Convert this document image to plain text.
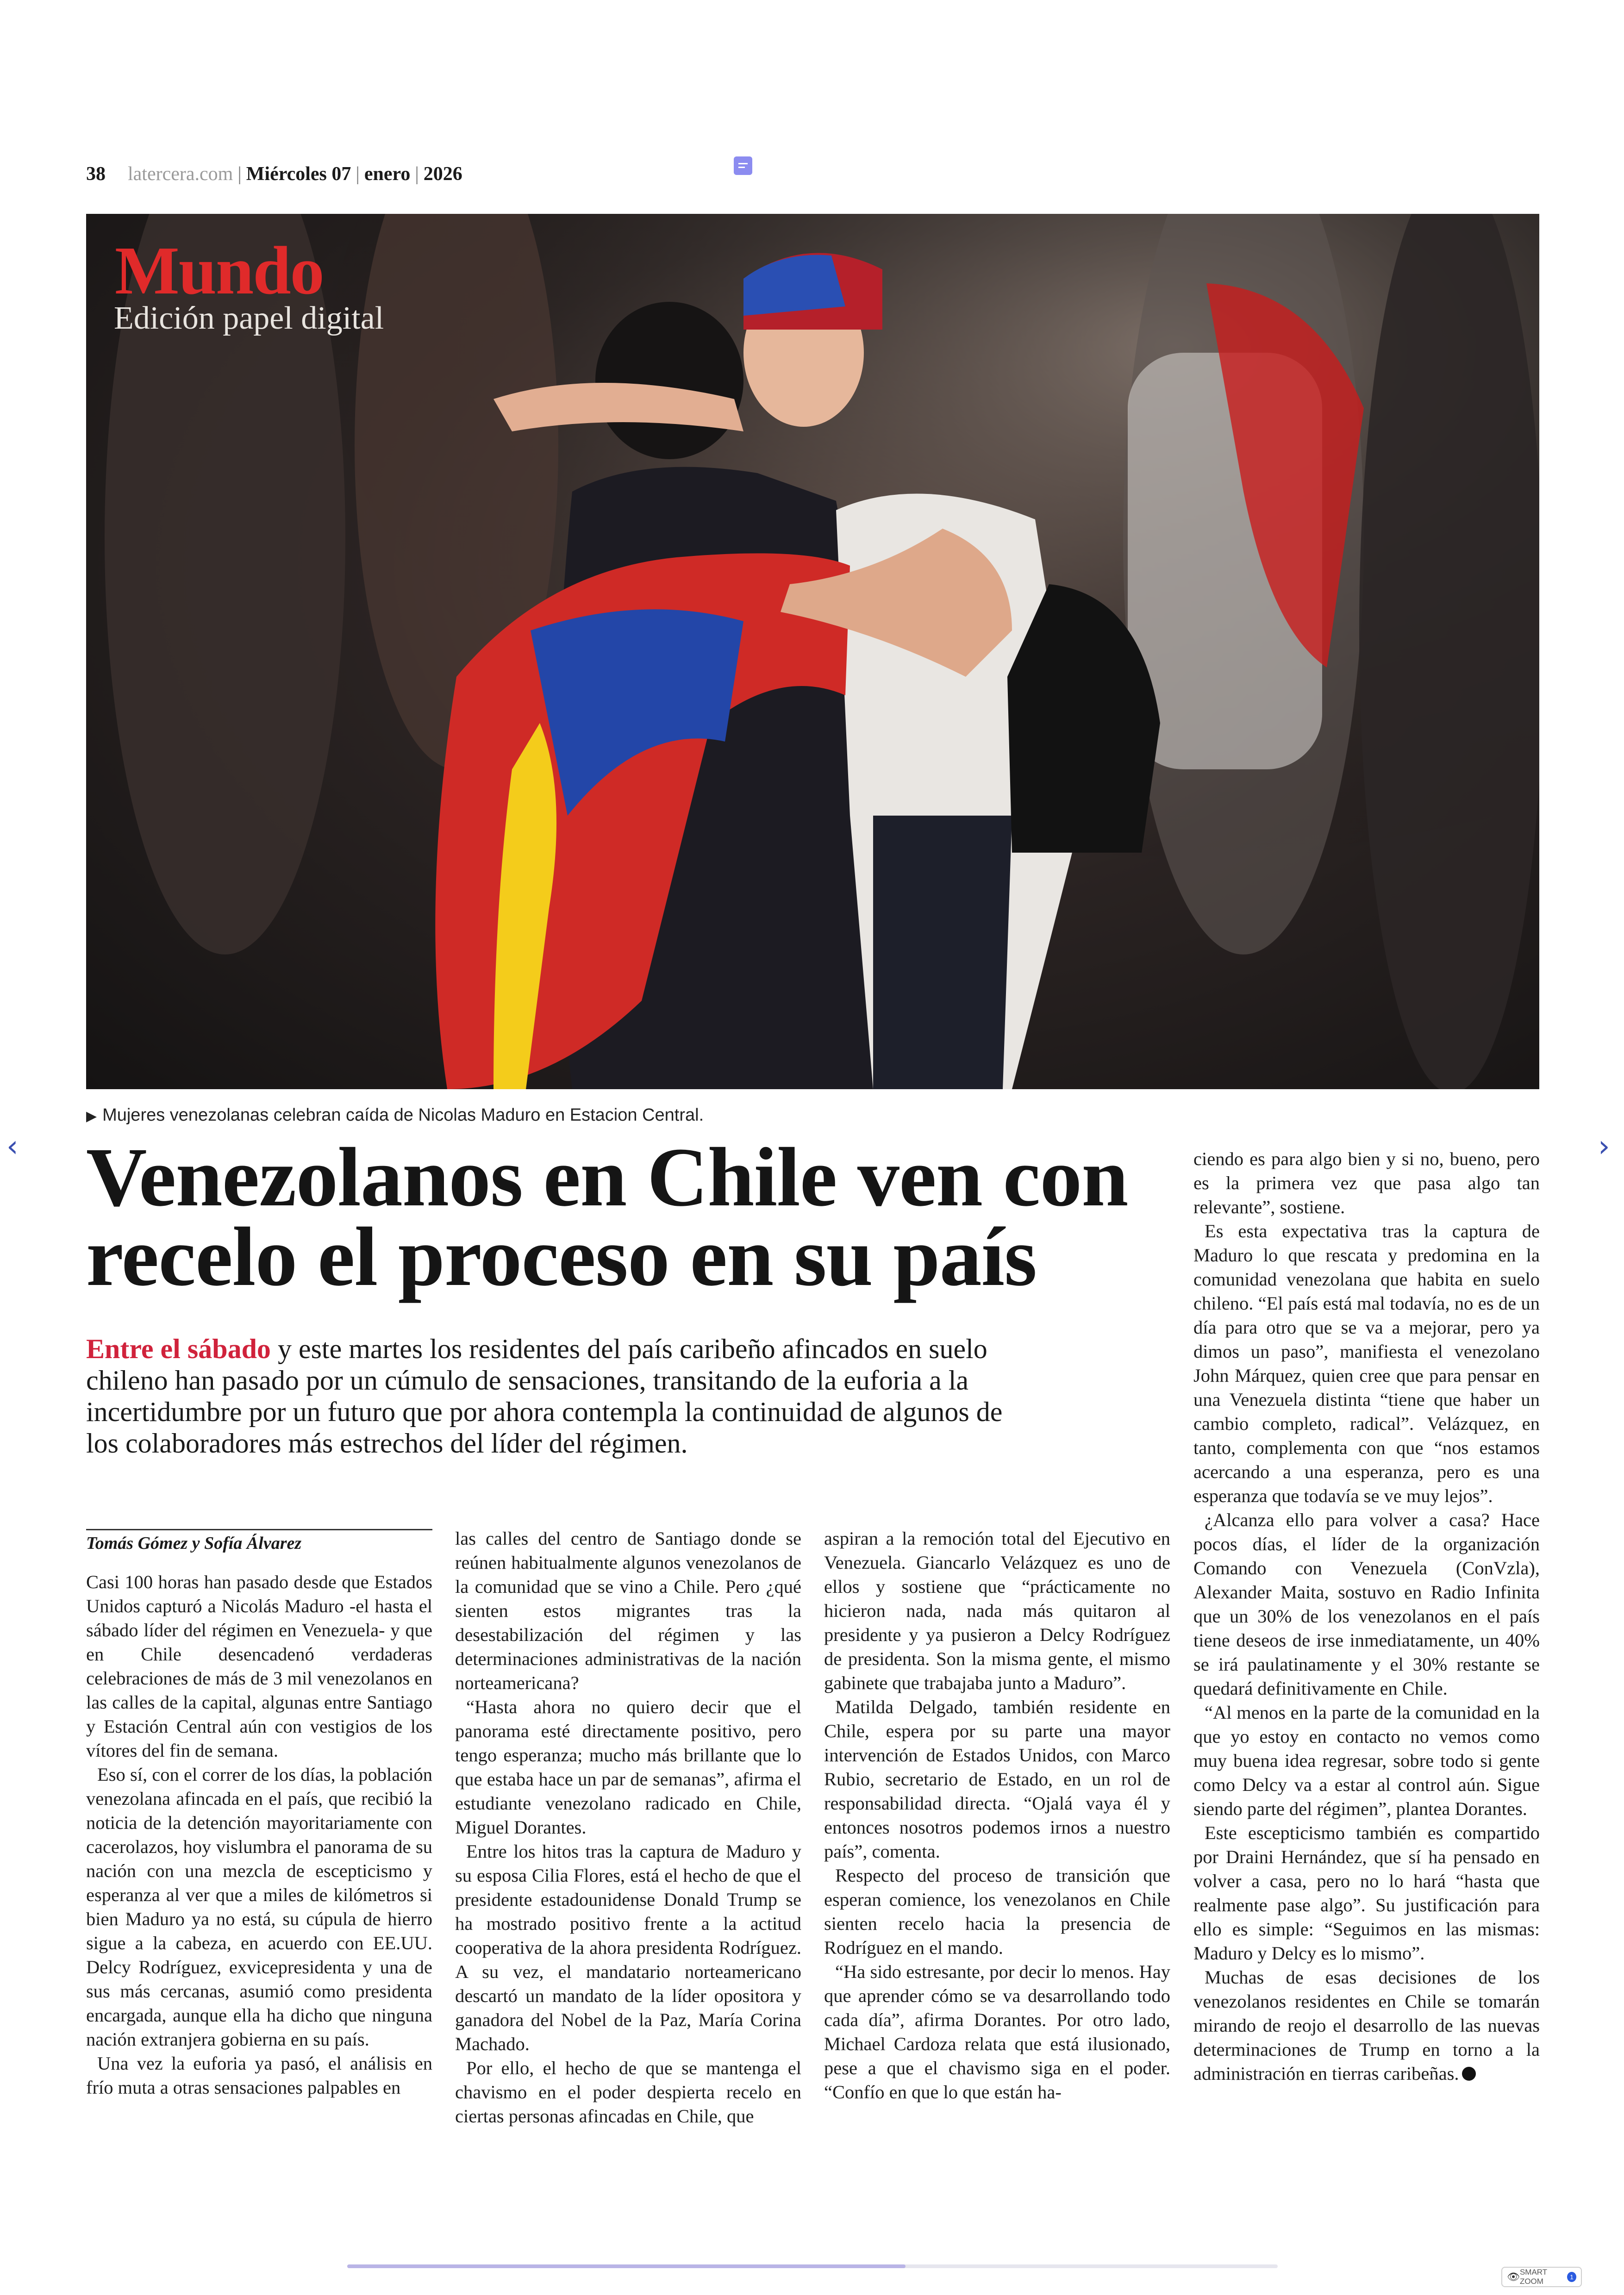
38 latercera.com | Miércoles 07 | enero | 2026
Mundo
Edición papel digital
▶ Mujeres venezolanas celebran caída de Nicolas Maduro en Estacion Central.
Venezolanos en Chile ven con recelo el proceso en su país
Entre el sábado y este martes los residentes del país caribeño afincados en suelo chileno han pasado por un cúmulo de sensaciones, transitando de la euforia a la incertidumbre por un futuro que por ahora contempla la continuidad de algunos de los colaboradores más estrechos del líder del régimen.
Tomás Gómez y Sofía Álvarez

Casi 100 horas han pasado desde que Estados Unidos capturó a Nicolás Maduro -el hasta el sábado líder del régimen en Venezuela- y que en Chile desencadenó verdaderas celebraciones de más de 3 mil venezolanos en las calles de la capital, algunas entre Santiago y Estación Central aún con vestigios de los vítores del fin de semana.

Eso sí, con el correr de los días, la población venezolana afincada en el país, que recibió la noticia de la detención mayoritariamente con cacerolazos, hoy vislumbra el panorama de su nación con una mezcla de escepticismo y esperanza al ver que a miles de kilómetros si bien Maduro ya no está, su cúpula de hierro sigue a la cabeza, en acuerdo con EE.UU. Delcy Rodríguez, exvicepresidenta y una de sus más cercanas, asumió como presidenta encargada, aunque ella ha dicho que ninguna nación extranjera gobierna en su país.

Una vez la euforia ya pasó, el análisis en frío muta a otras sensaciones palpables en

las calles del centro de Santiago donde se reúnen habitualmente algunos venezolanos de la comunidad que se vino a Chile. Pero ¿qué sienten estos migrantes tras la desestabilización del régimen y las determinaciones administrativas de la nación norteamericana?

“Hasta ahora no quiero decir que el panorama esté directamente positivo, pero tengo esperanza; mucho más brillante que lo que estaba hace un par de semanas”, afirma el estudiante venezolano radicado en Chile, Miguel Dorantes.

Entre los hitos tras la captura de Maduro y su esposa Cilia Flores, está el hecho de que el presidente estadounidense Donald Trump se ha mostrado positivo frente a la actitud cooperativa de la ahora presidenta Rodríguez. A su vez, el mandatario norteamericano descartó un mandato de la líder opositora y ganadora del Nobel de la Paz, María Corina Machado.

Por ello, el hecho de que se mantenga el chavismo en el poder despierta recelo en ciertas personas afincadas en Chile, que

aspiran a la remoción total del Ejecutivo en Venezuela. Giancarlo Velázquez es uno de ellos y sostiene que “prácticamente no hicieron nada, nada más quitaron al presidente y ya pusieron a Delcy Rodríguez de presidenta. Son la misma gente, el mismo gabinete que trabajaba junto a Maduro”.

Matilda Delgado, también residente en Chile, espera por su parte una mayor intervención de Estados Unidos, con Marco Rubio, secretario de Estado, en un rol de responsabilidad directa. “Ojalá vaya él y entonces nosotros podemos irnos a nuestro país”, comenta.

Respecto del proceso de transición que esperan comience, los venezolanos en Chile sienten recelo hacia la presencia de Rodríguez en el mando.

“Ha sido estresante, por decir lo menos. Hay que aprender cómo se va desarrollando todo cada día”, afirma Dorantes. Por otro lado, Michael Cardoza relata que está ilusionado, pese a que el chavismo siga en el poder. “Confío en que lo que están ha-

ciendo es para algo bien y si no, bueno, pero es la primera vez que pasa algo tan relevante”, sostiene.

Es esta expectativa tras la captura de Maduro lo que rescata y predomina en la comunidad venezolana que habita en suelo chileno. “El país está mal todavía, no es de un día para otro que se va a mejorar, pero ya dimos un paso”, manifiesta el venezolano John Márquez, quien cree que para pensar en una Venezuela distinta “tiene que haber un cambio completo, radical”. Velázquez, en tanto, complementa con que “nos estamos acercando a una esperanza, pero es una esperanza que todavía se ve muy lejos”.

¿Alcanza ello para volver a casa? Hace pocos días, el líder de la organización Comando con Venezuela (ConVzla), Alexander Maita, sostuvo en Radio Infinita que un 30% de los venezolanos en el país tiene deseos de irse inmediatamente, un 40% se irá paulatinamente y el 30% restante se quedará definitivamente en Chile.

“Al menos en la parte de la comunidad en la que yo estoy en contacto no vemos como muy buena idea regresar, sobre todo si gente como Delcy va a estar al control aún. Sigue siendo parte del régimen”, plantea Dorantes.

Este escepticismo también es compartido por Draini Hernández, que sí ha pensado en volver a casa, pero no lo hará “hasta que realmente pase algo”. Su justificación para ello es simple: “Seguimos en las mismas: Maduro y Delcy es lo mismo”.

Muchas de esas decisiones de los venezolanos residentes en Chile se tomarán mirando de reojo el desarrollo de las nuevas determinaciones de Trump en torno a la administración en tierras caribeñas.

‹	›
👁 SMART ZOOM	1
